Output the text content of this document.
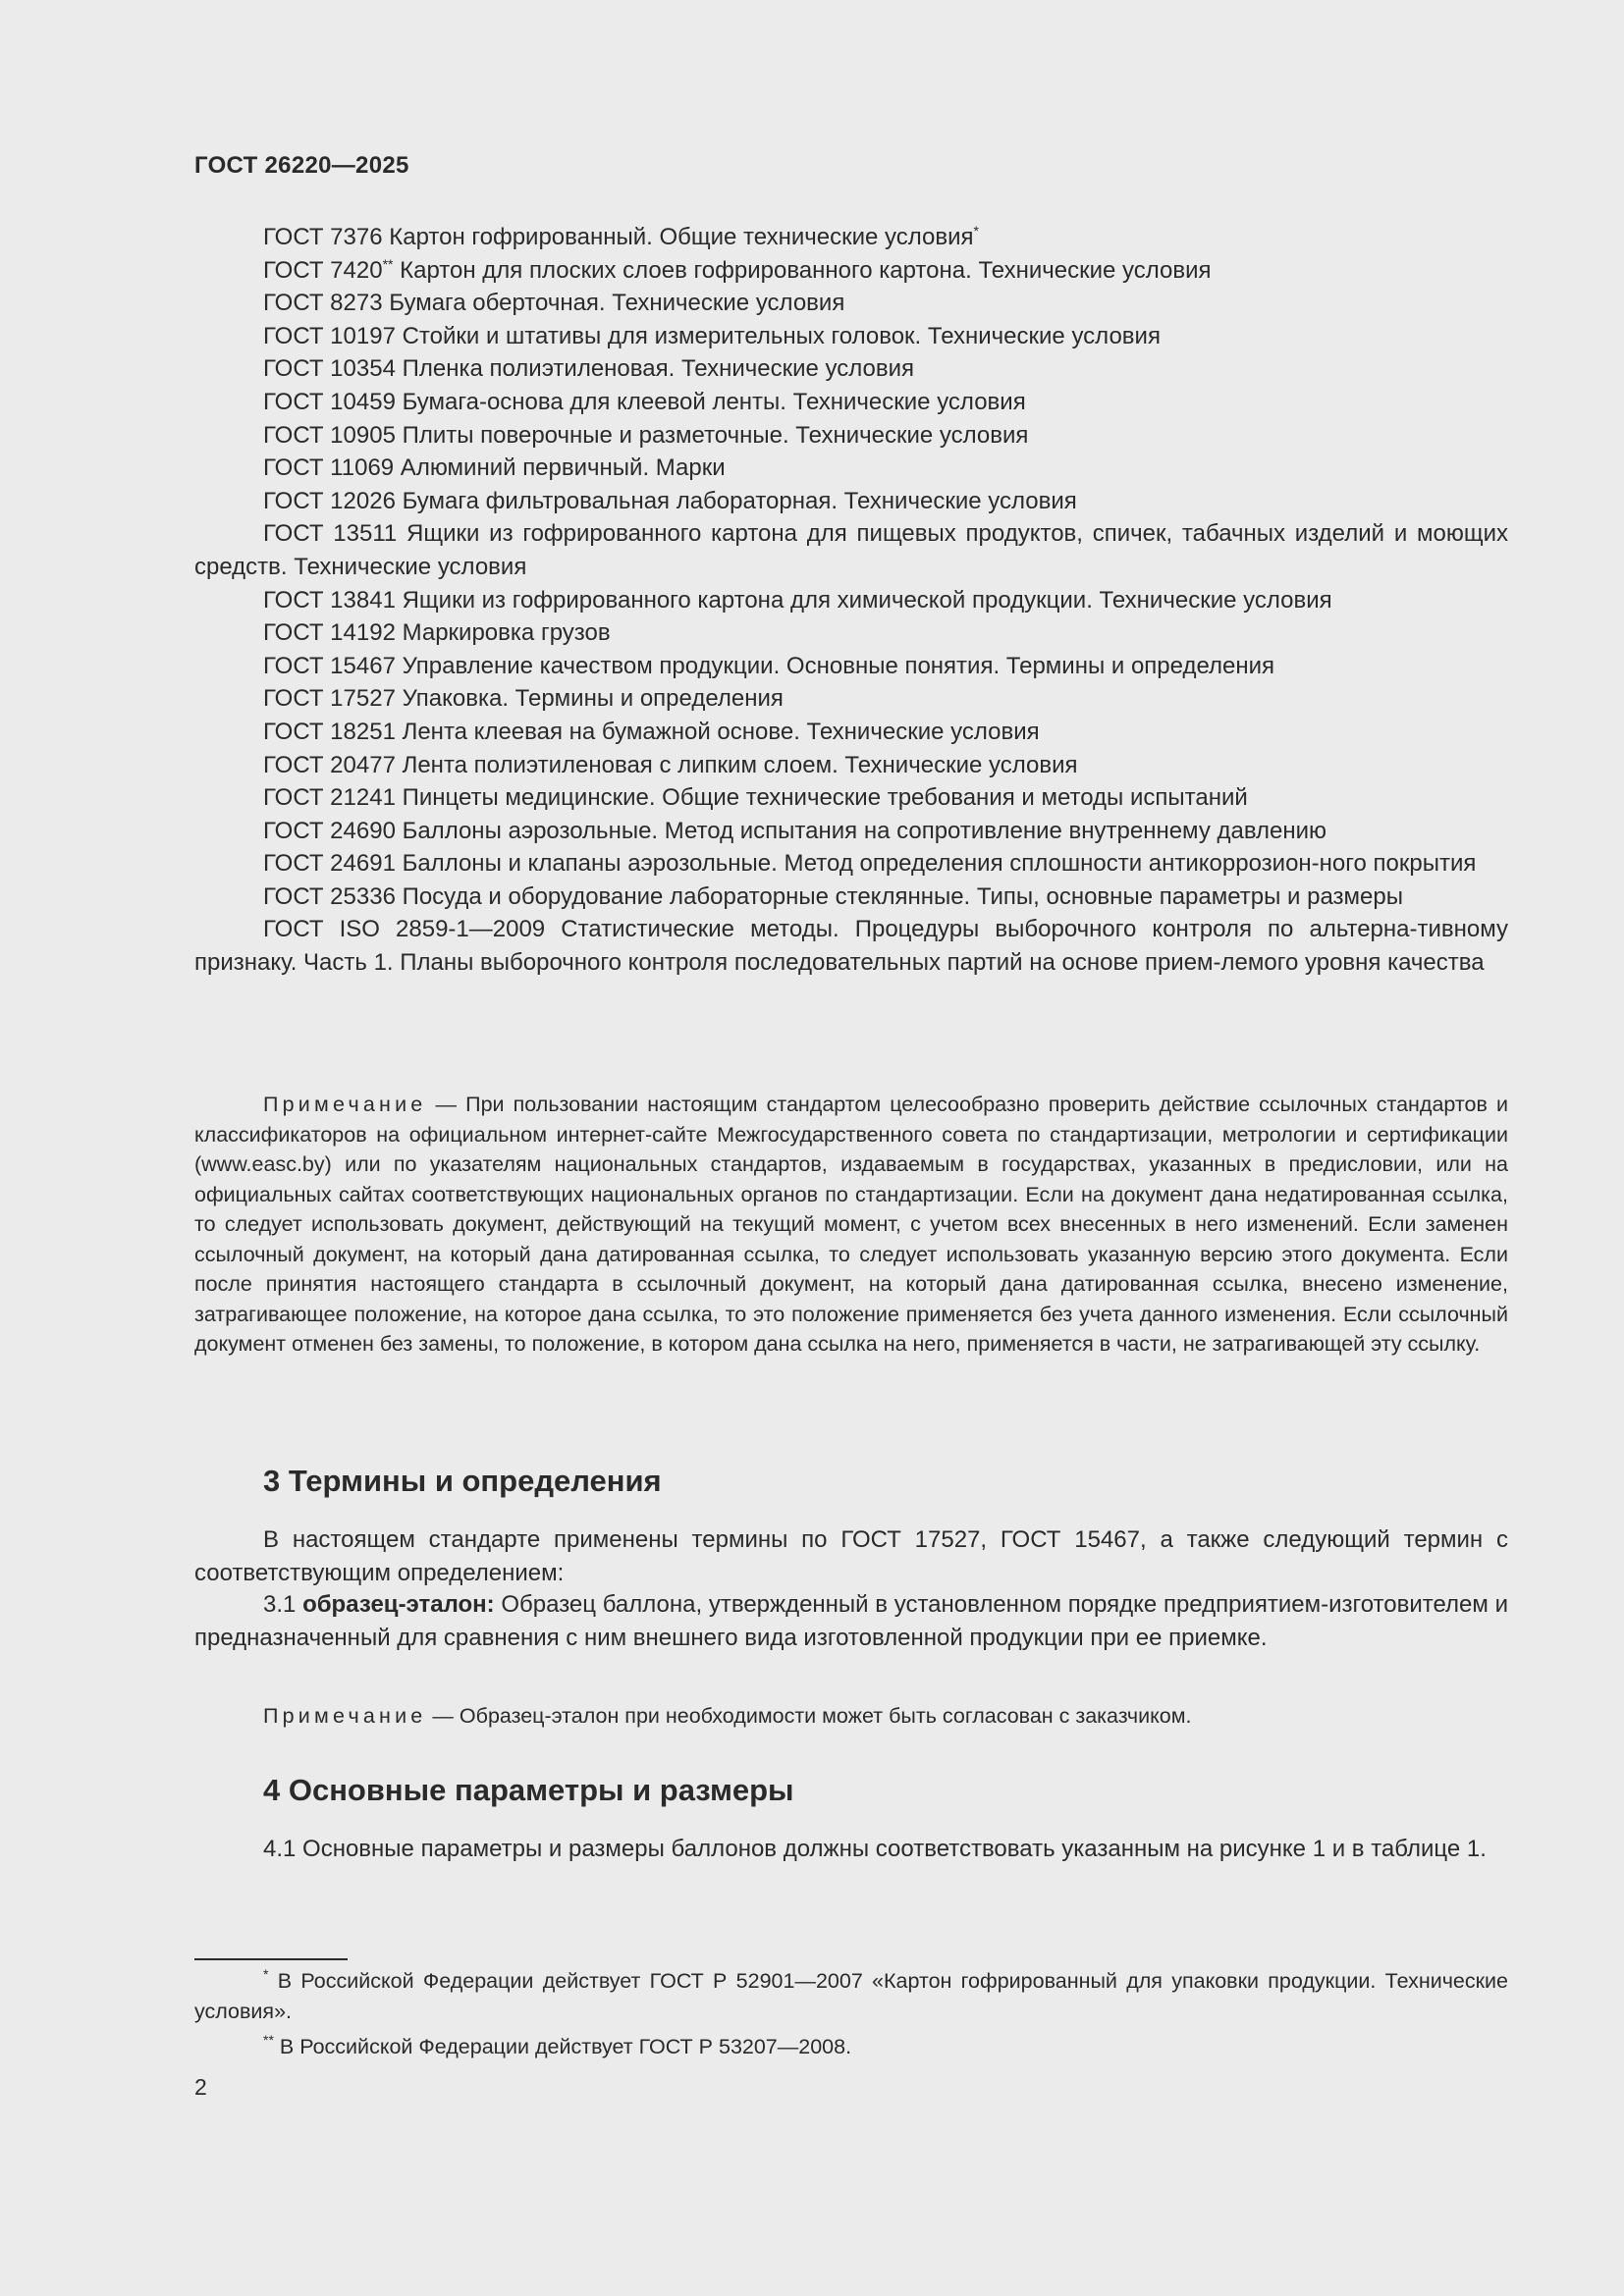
ГОСТ 26220—2025
ГОСТ 7376 Картон гофрированный. Общие технические условия*
ГОСТ 7420** Картон для плоских слоев гофрированного картона. Технические условия
ГОСТ 8273 Бумага оберточная. Технические условия
ГОСТ 10197 Стойки и штативы для измерительных головок. Технические условия
ГОСТ 10354 Пленка полиэтиленовая. Технические условия
ГОСТ 10459 Бумага-основа для клеевой ленты. Технические условия
ГОСТ 10905 Плиты поверочные и разметочные. Технические условия
ГОСТ 11069 Алюминий первичный. Марки
ГОСТ 12026 Бумага фильтровальная лабораторная. Технические условия
ГОСТ 13511 Ящики из гофрированного картона для пищевых продуктов, спичек, табачных изделий и моющих средств. Технические условия
ГОСТ 13841 Ящики из гофрированного картона для химической продукции. Технические условия
ГОСТ 14192 Маркировка грузов
ГОСТ 15467 Управление качеством продукции. Основные понятия. Термины и определения
ГОСТ 17527 Упаковка. Термины и определения
ГОСТ 18251 Лента клеевая на бумажной основе. Технические условия
ГОСТ 20477 Лента полиэтиленовая с липким слоем. Технические условия
ГОСТ 21241 Пинцеты медицинские. Общие технические требования и методы испытаний
ГОСТ 24690 Баллоны аэрозольные. Метод испытания на сопротивление внутреннему давлению
ГОСТ 24691 Баллоны и клапаны аэрозольные. Метод определения сплошности антикоррозион-ного покрытия
ГОСТ 25336 Посуда и оборудование лабораторные стеклянные. Типы, основные параметры и размеры
ГОСТ ISO 2859-1—2009 Статистические методы. Процедуры выборочного контроля по альтерна-тивному признаку. Часть 1. Планы выборочного контроля последовательных партий на основе прием-лемого уровня качества
Примечание — При пользовании настоящим стандартом целесообразно проверить действие ссылочных стандартов и классификаторов на официальном интернет-сайте Межгосударственного совета по стандартизации, метрологии и сертификации (www.easc.by) или по указателям национальных стандартов, издаваемым в государствах, указанных в предисловии, или на официальных сайтах соответствующих национальных органов по стандартизации. Если на документ дана недатированная ссылка, то следует использовать документ, действующий на текущий момент, с учетом всех внесенных в него изменений. Если заменен ссылочный документ, на который дана датированная ссылка, то следует использовать указанную версию этого документа. Если после принятия настоящего стандарта в ссылочный документ, на который дана датированная ссылка, внесено изменение, затрагивающее положение, на которое дана ссылка, то это положение применяется без учета данного изменения. Если ссылочный документ отменен без замены, то положение, в котором дана ссылка на него, применяется в части, не затрагивающей эту ссылку.
3 Термины и определения
В настоящем стандарте применены термины по ГОСТ 17527, ГОСТ 15467, а также следующий термин с соответствующим определением:
3.1 образец-эталон: Образец баллона, утвержденный в установленном порядке предприятием-изготовителем и предназначенный для сравнения с ним внешнего вида изготовленной продукции при ее приемке.
Примечание — Образец-эталон при необходимости может быть согласован с заказчиком.
4 Основные параметры и размеры
4.1 Основные параметры и размеры баллонов должны соответствовать указанным на рисунке 1 и в таблице 1.
* В Российской Федерации действует ГОСТ Р 52901—2007 «Картон гофрированный для упаковки продукции. Технические условия».
** В Российской Федерации действует ГОСТ Р 53207—2008.
2
